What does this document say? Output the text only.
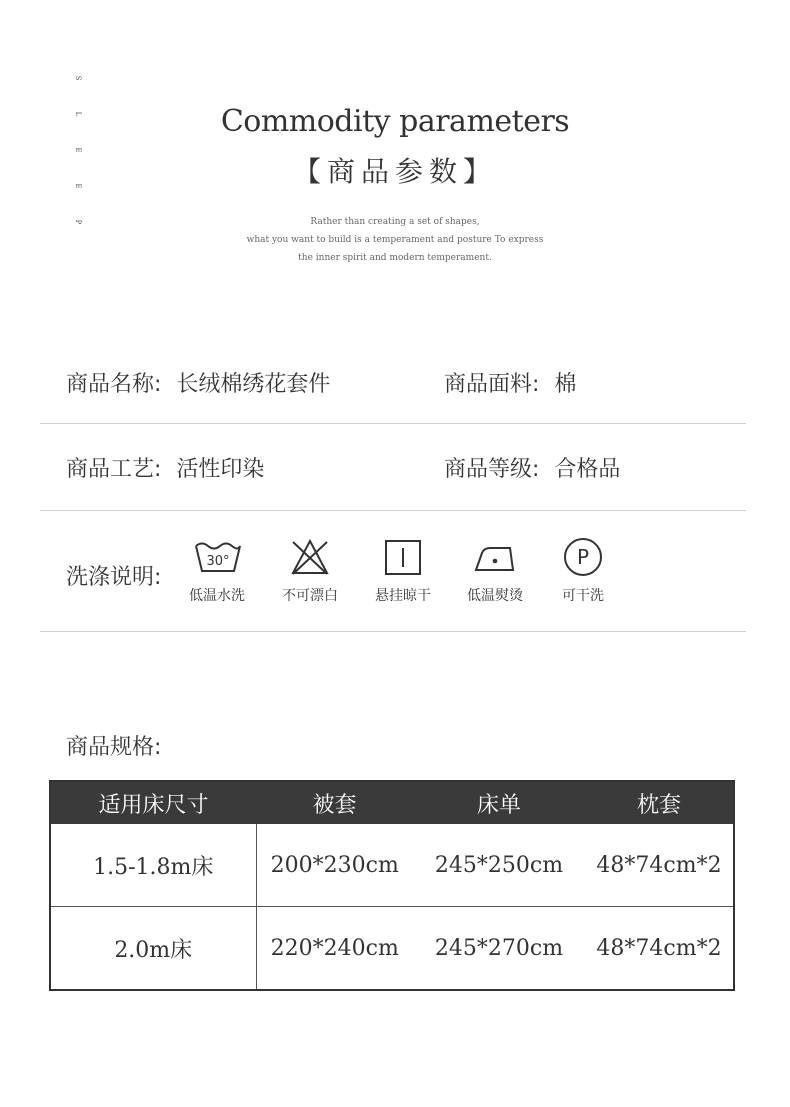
S
L
E
E
P
Commodity parameters
【商品参数】
Rather than creating a set of shapes,
what you want to build is a temperament and posture To express
the inner spirit and modern temperament.
商品名称: 长绒棉绣花套件	商品面料: 棉
商品工艺: 活性印染	商品等级: 合格品
洗涤说明:
30°
低温水洗	不可漂白	悬挂晾干	低温熨烫
P
可干洗
商品规格:
适用床尺寸	被套	床单	枕套
1.5-1.8m床	200*230cm	245*250cm	48*74cm*2
2.0m床	220*240cm	245*270cm	48*74cm*2
